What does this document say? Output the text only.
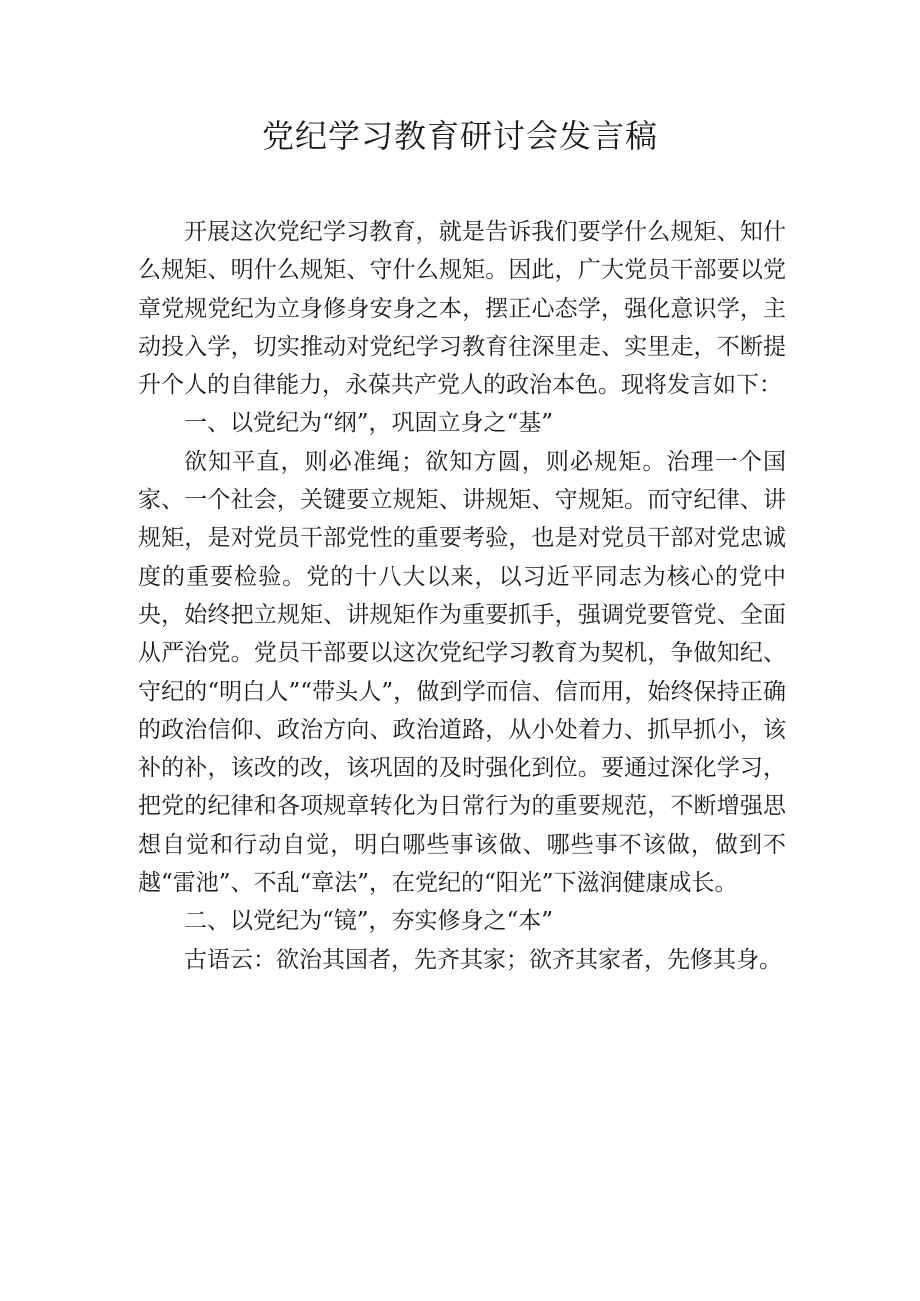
党纪学习教育研讨会发言稿

开展这次党纪学习教育，就是告诉我们要学什么规矩、知什么规矩、明什么规矩、守什么规矩。因此，广大党员干部要以党章党规党纪为立身修身安身之本，摆正心态学，强化意识学，主动投入学，切实推动对党纪学习教育往深里走、实里走，不断提升个人的自律能力，永葆共产党人的政治本色。现将发言如下：

一、以党纪为“纲”，巩固立身之“基”

欲知平直，则必准绳；欲知方圆，则必规矩。治理一个国家、一个社会，关键要立规矩、讲规矩、守规矩。而守纪律、讲规矩，是对党员干部党性的重要考验，也是对党员干部对党忠诚度的重要检验。党的十八大以来，以习近平同志为核心的党中央，始终把立规矩、讲规矩作为重要抓手，强调党要管党、全面从严治党。党员干部要以这次党纪学习教育为契机，争做知纪、守纪的“明白人”“带头人”，做到学而信、信而用，始终保持正确的政治信仰、政治方向、政治道路，从小处着力、抓早抓小，该补的补，该改的改，该巩固的及时强化到位。要通过深化学习，把党的纪律和各项规章转化为日常行为的重要规范，不断增强思想自觉和行动自觉，明白哪些事该做、哪些事不该做，做到不越“雷池”、不乱“章法”，在党纪的“阳光”下滋润健康成长。

二、以党纪为“镜”，夯实修身之“本”

古语云：欲治其国者，先齐其家；欲齐其家者，先修其身。
